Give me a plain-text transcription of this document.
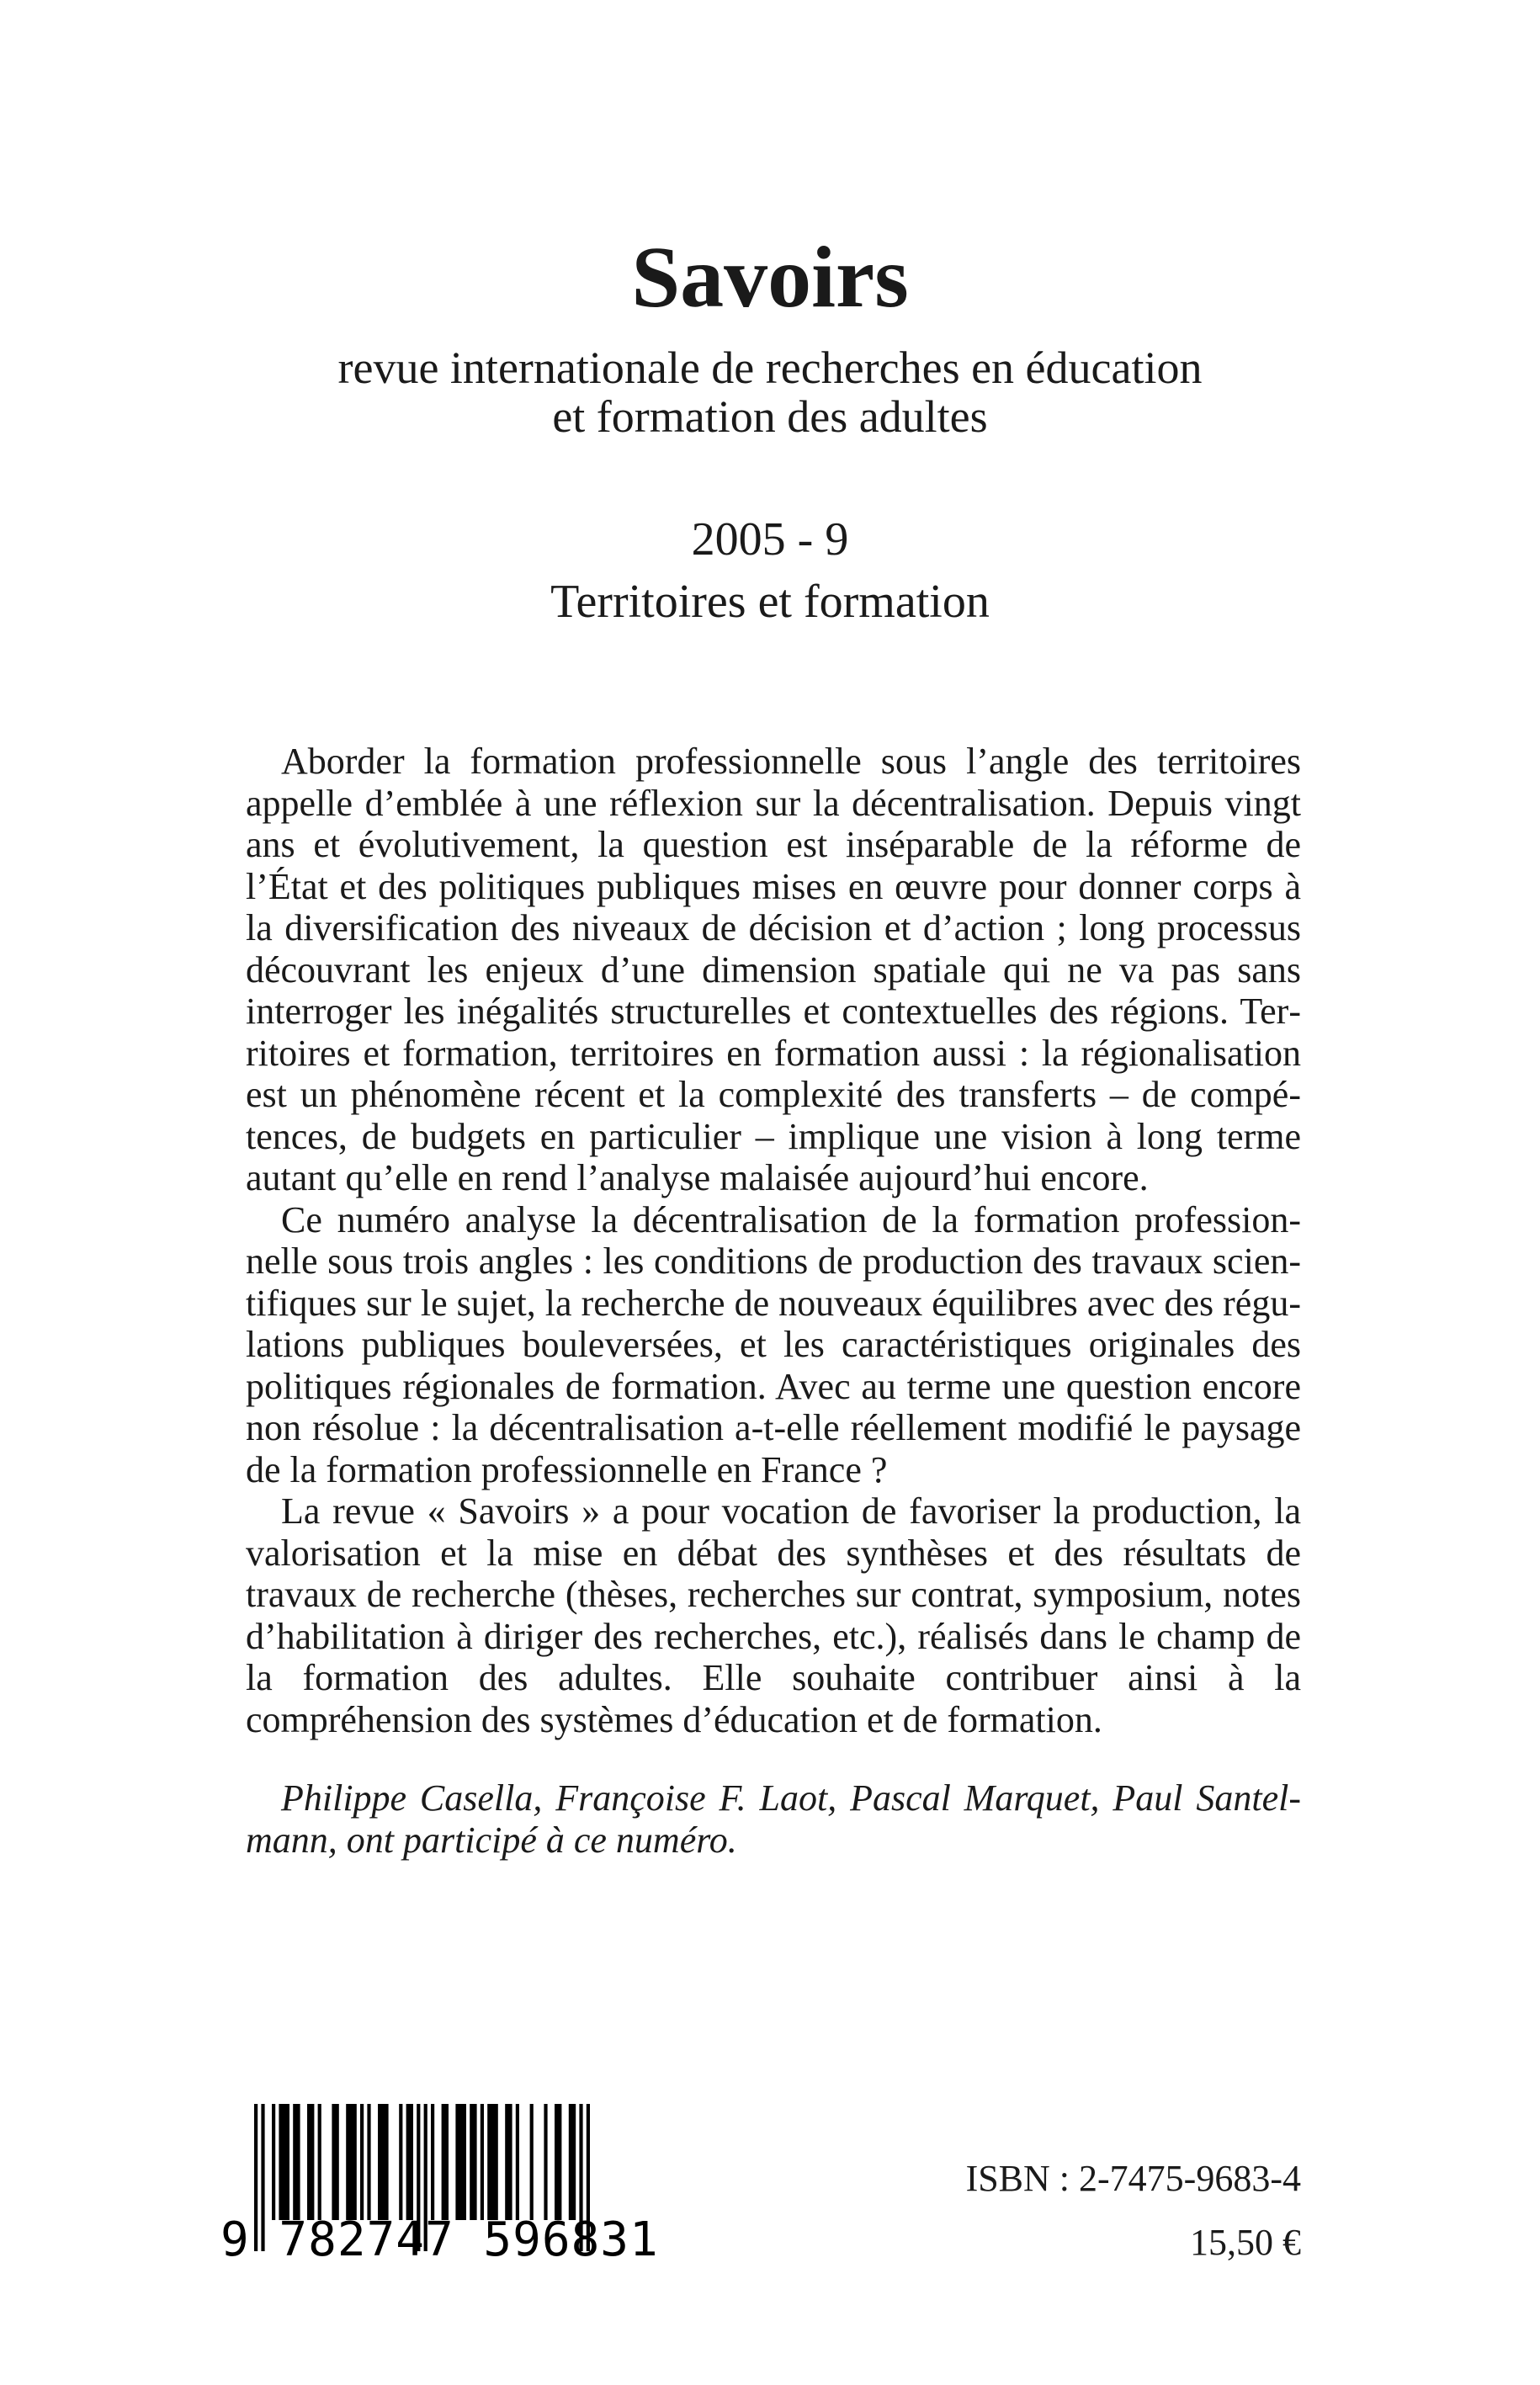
Savoirs
revue internationale de recherches en éducation
et formation des adultes
2005 - 9
Territoires et formation

Aborder la formation professionnelle sous l’angle des territoires appelle d’emblée à une réflexion sur la décentralisation. Depuis vingt ans et évolutivement, la question est inséparable de la réforme de l’État et des politiques publiques mises en œuvre pour donner corps à la diversification des niveaux de décision et d’action ; long processus découvrant les enjeux d’une dimension spatiale qui ne va pas sans interroger les inégalités structurelles et contextuelles des régions. Territoires et formation, territoires en formation aussi : la régionalisation est un phénomène récent et la complexité des transferts – de compétences, de budgets en particulier – implique une vision à long terme autant qu’elle en rend l’analyse malaisée aujourd’hui encore.

Ce numéro analyse la décentralisation de la formation professionnelle sous trois angles : les conditions de production des travaux scientifiques sur le sujet, la recherche de nouveaux équilibres avec des régulations publiques bouleversées, et les caractéristiques originales des politiques régionales de formation. Avec au terme une question encore non résolue : la décentralisation a-t-elle réellement modifié le paysage de la formation professionnelle en France ?

La revue « Savoirs » a pour vocation de favoriser la production, la valorisation et la mise en débat des synthèses et des résultats de travaux de recherche (thèses, recherches sur contrat, symposium, notes d’habilitation à diriger des recherches, etc.), réalisés dans le champ de la formation des adultes. Elle souhaite contribuer ainsi à la compréhension des systèmes d’éducation et de formation.

Philippe Casella, Françoise F. Laot, Pascal Marquet, Paul Santelmann, ont participé à ce numéro.

9 782747 596831
ISBN : 2-7475-9683-4
15,50 €
